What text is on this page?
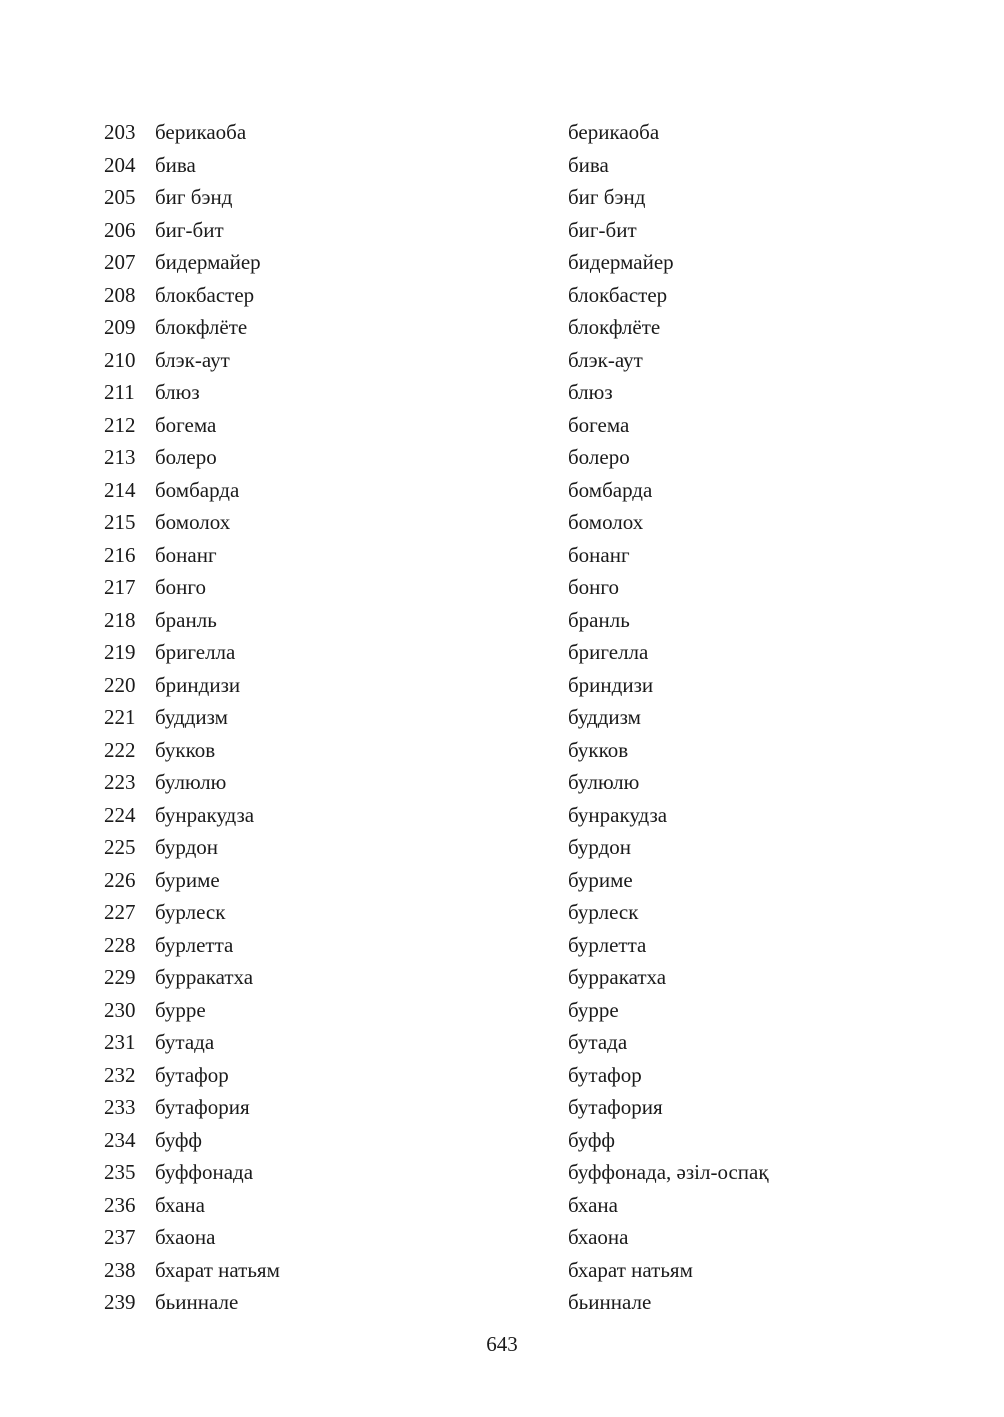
203 берикаоба	берикаоба
204 бива	бива
205 биг бэнд	биг бэнд
206 биг-бит	биг-бит
207 бидермайер	бидермайер
208 блокбастер	блокбастер
209 блокфлёте	блокфлёте
210 блэк-аут	блэк-аут
211 блюз	блюз
212 богема	богема
213 болеро	болеро
214 бомбарда	бомбарда
215 бомолох	бомолох
216 бонанг	бонанг
217 бонго	бонго
218 бранль	бранль
219 бригелла	бригелла
220 бриндизи	бриндизи
221 буддизм	буддизм
222 букков	букков
223 булюлю	булюлю
224 бунракудза	бунракудза
225 бурдон	бурдон
226 буриме	буриме
227 бурлеск	бурлеск
228 бурлетта	бурлетта
229 бурракатха	бурракатха
230 бурре	бурре
231 бутада	бутада
232 бутафор	бутафор
233 бутафория	бутафория
234 буфф	буфф
235 буффонада	буффонада, әзіл-оспақ
236 бхана	бхана
237 бхаона	бхаона
238 бхарат натьям	бхарат натьям
239 бьиннале	бьиннале
643
